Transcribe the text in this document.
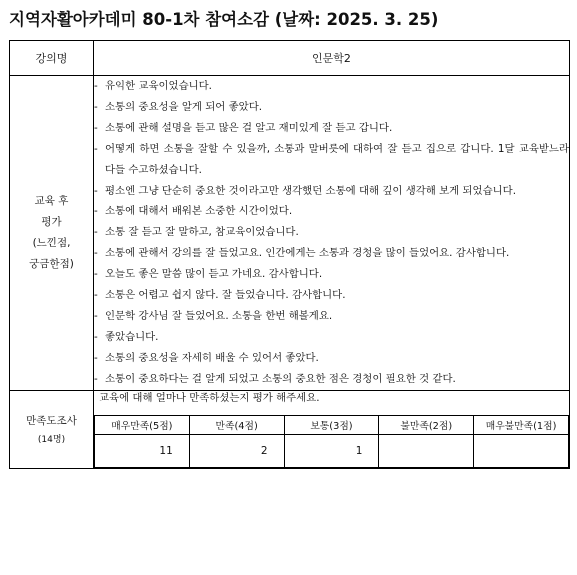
지역자활아카데미 80-1차 참여소감 (날짜: 2025. 3. 25)
강의명	인문학2

교육 후
평가
(느낀점,
궁금한점)

- 유익한 교육이었습니다.
- 소통의 중요성을 알게 되어 좋았다.
- 소통에 관해 설명을 듣고 많은 걸 알고 재미있게 잘 듣고 갑니다.
- 어떻게 하면 소통을 잘할 수 있을까, 소통과 말버릇에 대하여 잘 듣고 집으로 갑니다. 1달 교육받느라 다들 수고하셨습니다.
- 평소엔 그냥 단순히 중요한 것이라고만 생각했던 소통에 대해 깊이 생각해 보게 되었습니다.
- 소통에 대해서 배워본 소중한 시간이었다.
- 소통 잘 듣고 잘 말하고, 참교육이었습니다.
- 소통에 관해서 강의를 잘 들었고요. 인간에게는 소통과 경청을 많이 들었어요. 감사합니다.
- 오늘도 좋은 말씀 많이 듣고 가네요. 감사합니다.
- 소통은 어렵고 쉽지 않다. 잘 들었습니다. 감사합니다.
- 인문학 강사님 잘 들었어요. 소통을 한번 해볼게요.
- 좋았습니다.
- 소통의 중요성을 자세히 배울 수 있어서 좋았다.
- 소통이 중요하다는 걸 알게 되었고 소통의 중요한 점은 경청이 필요한 것 같다.

만족도조사
(14명)

교육에 대해 얼마나 만족하셨는지 평가 해주세요.
매우만족(5점)	만족(4점)	보통(3점)	불만족(2점)	매우불만족(1점)
11	2	1		
